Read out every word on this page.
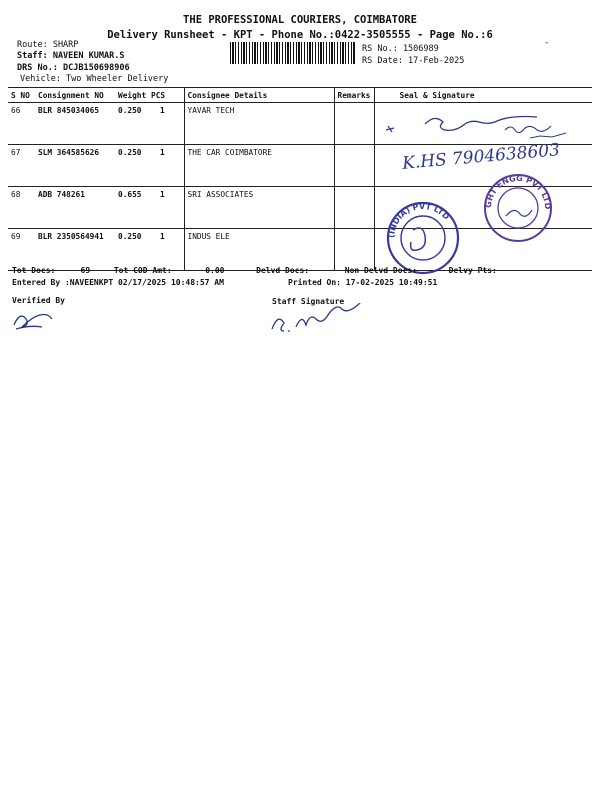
THE PROFESSIONAL COURIERS, COIMBATORE
Delivery Runsheet - KPT - Phone No.:0422-3505555 - Page No.:6
Route: SHARP
Staff: NAVEEN KUMAR.S
DRS No.: DCJB150698906
Vehicle: Two Wheeler Delivery
RS No.: 1506989
RS Date: 17-Feb-2025
-
S NO	Consignment NO	Weight	PCS	Consignee Details	Remarks	Seal & Signature
66	BLR 845034065	0.250	1	YAVAR TECH		
67	SLM 364585626	0.250	1	THE CAR COIMBATORE		
68	ADB 748261	0.655	1	SRI ASSOCIATES		
69	BLR 2350564941	0.250	1	INDUS ELE		
K.HS 7904638603
GHT ENGG PVT LTD
(INDIA) PVT LTD
Tot Docs:	69	Tot COD Amt:	0.00	Delvd Docs:	Non Delvd Docs:	Delvy Pts:
Entered By :NAVEENKPT 02/17/2025 10:48:57 AM	Printed On: 17-02-2025 10:49:51
Verified By	Staff Signature
